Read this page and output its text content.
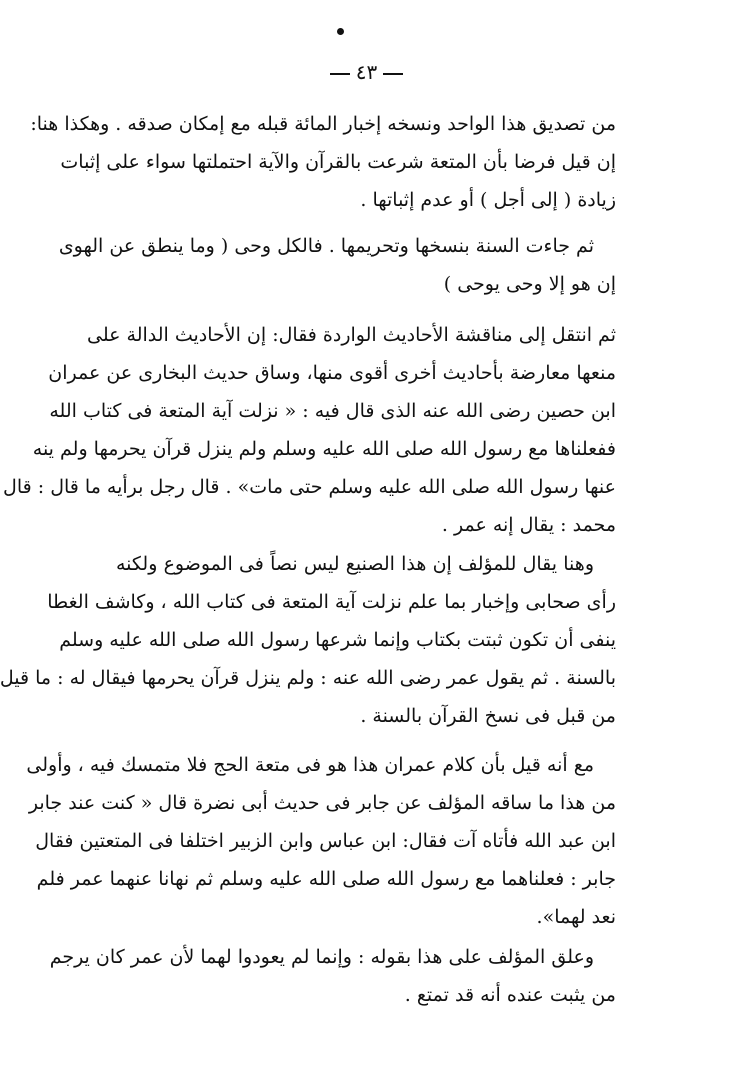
٤٣
من تصديق هذا الواحد ونسخه إخبار المائة قبله مع إمكان صدقه . وهكذا هنا:
إن قيل فرضا بأن المتعة شرعت بالقرآن والآية احتملتها سواء على إثبات
زيادة ( إلى أجل ) أو عدم إثباتها .
ثم جاءت السنة بنسخها وتحريمها . فالكل وحى ( وما ينطق عن الهوى
إن هو إلا وحى يوحى )
ثم انتقل إلى مناقشة الأحاديث الواردة فقال: إن الأحاديث الدالة على
منعها معارضة بأحاديث أخرى أقوى منها، وساق حديث البخارى عن عمران
ابن حصين رضى الله عنه الذى قال فيه : « نزلت آية المتعة فى كتاب الله
ففعلناها مع رسول الله صلى الله عليه وسلم ولم ينزل قرآن يحرمها ولم ينه
عنها رسول الله صلى الله عليه وسلم حتى مات» . قال رجل برأيه ما قال : قال
محمد : يقال إنه عمر .
وهنا يقال للمؤلف إن هذا الصنيع ليس نصاً فى الموضوع ولكنه
رأى صحابى وإخبار بما علم نزلت آية المتعة فى كتاب الله ، وكاشف الغطا
ينفى أن تكون ثبتت بكتاب وإنما شرعها رسول الله صلى الله عليه وسلم
بالسنة . ثم يقول عمر رضى الله عنه : ولم ينزل قرآن يحرمها فيقال له : ما قيل
من قبل فى نسخ القرآن بالسنة .
مع أنه قيل بأن كلام عمران هذا هو فى متعة الحج فلا متمسك فيه ، وأولى
من هذا ما ساقه المؤلف عن جابر فى حديث أبى نضرة قال « كنت عند جابر
ابن عبد الله فأتاه آت فقال: ابن عباس وابن الزبير اختلفا فى المتعتين فقال
جابر : فعلناهما مع رسول الله صلى الله عليه وسلم ثم نهانا عنهما عمر فلم
نعد لهما».
وعلق المؤلف على هذا بقوله : وإنما لم يعودوا لهما لأن عمر كان يرجم
من يثبت عنده أنه قد تمتع .
